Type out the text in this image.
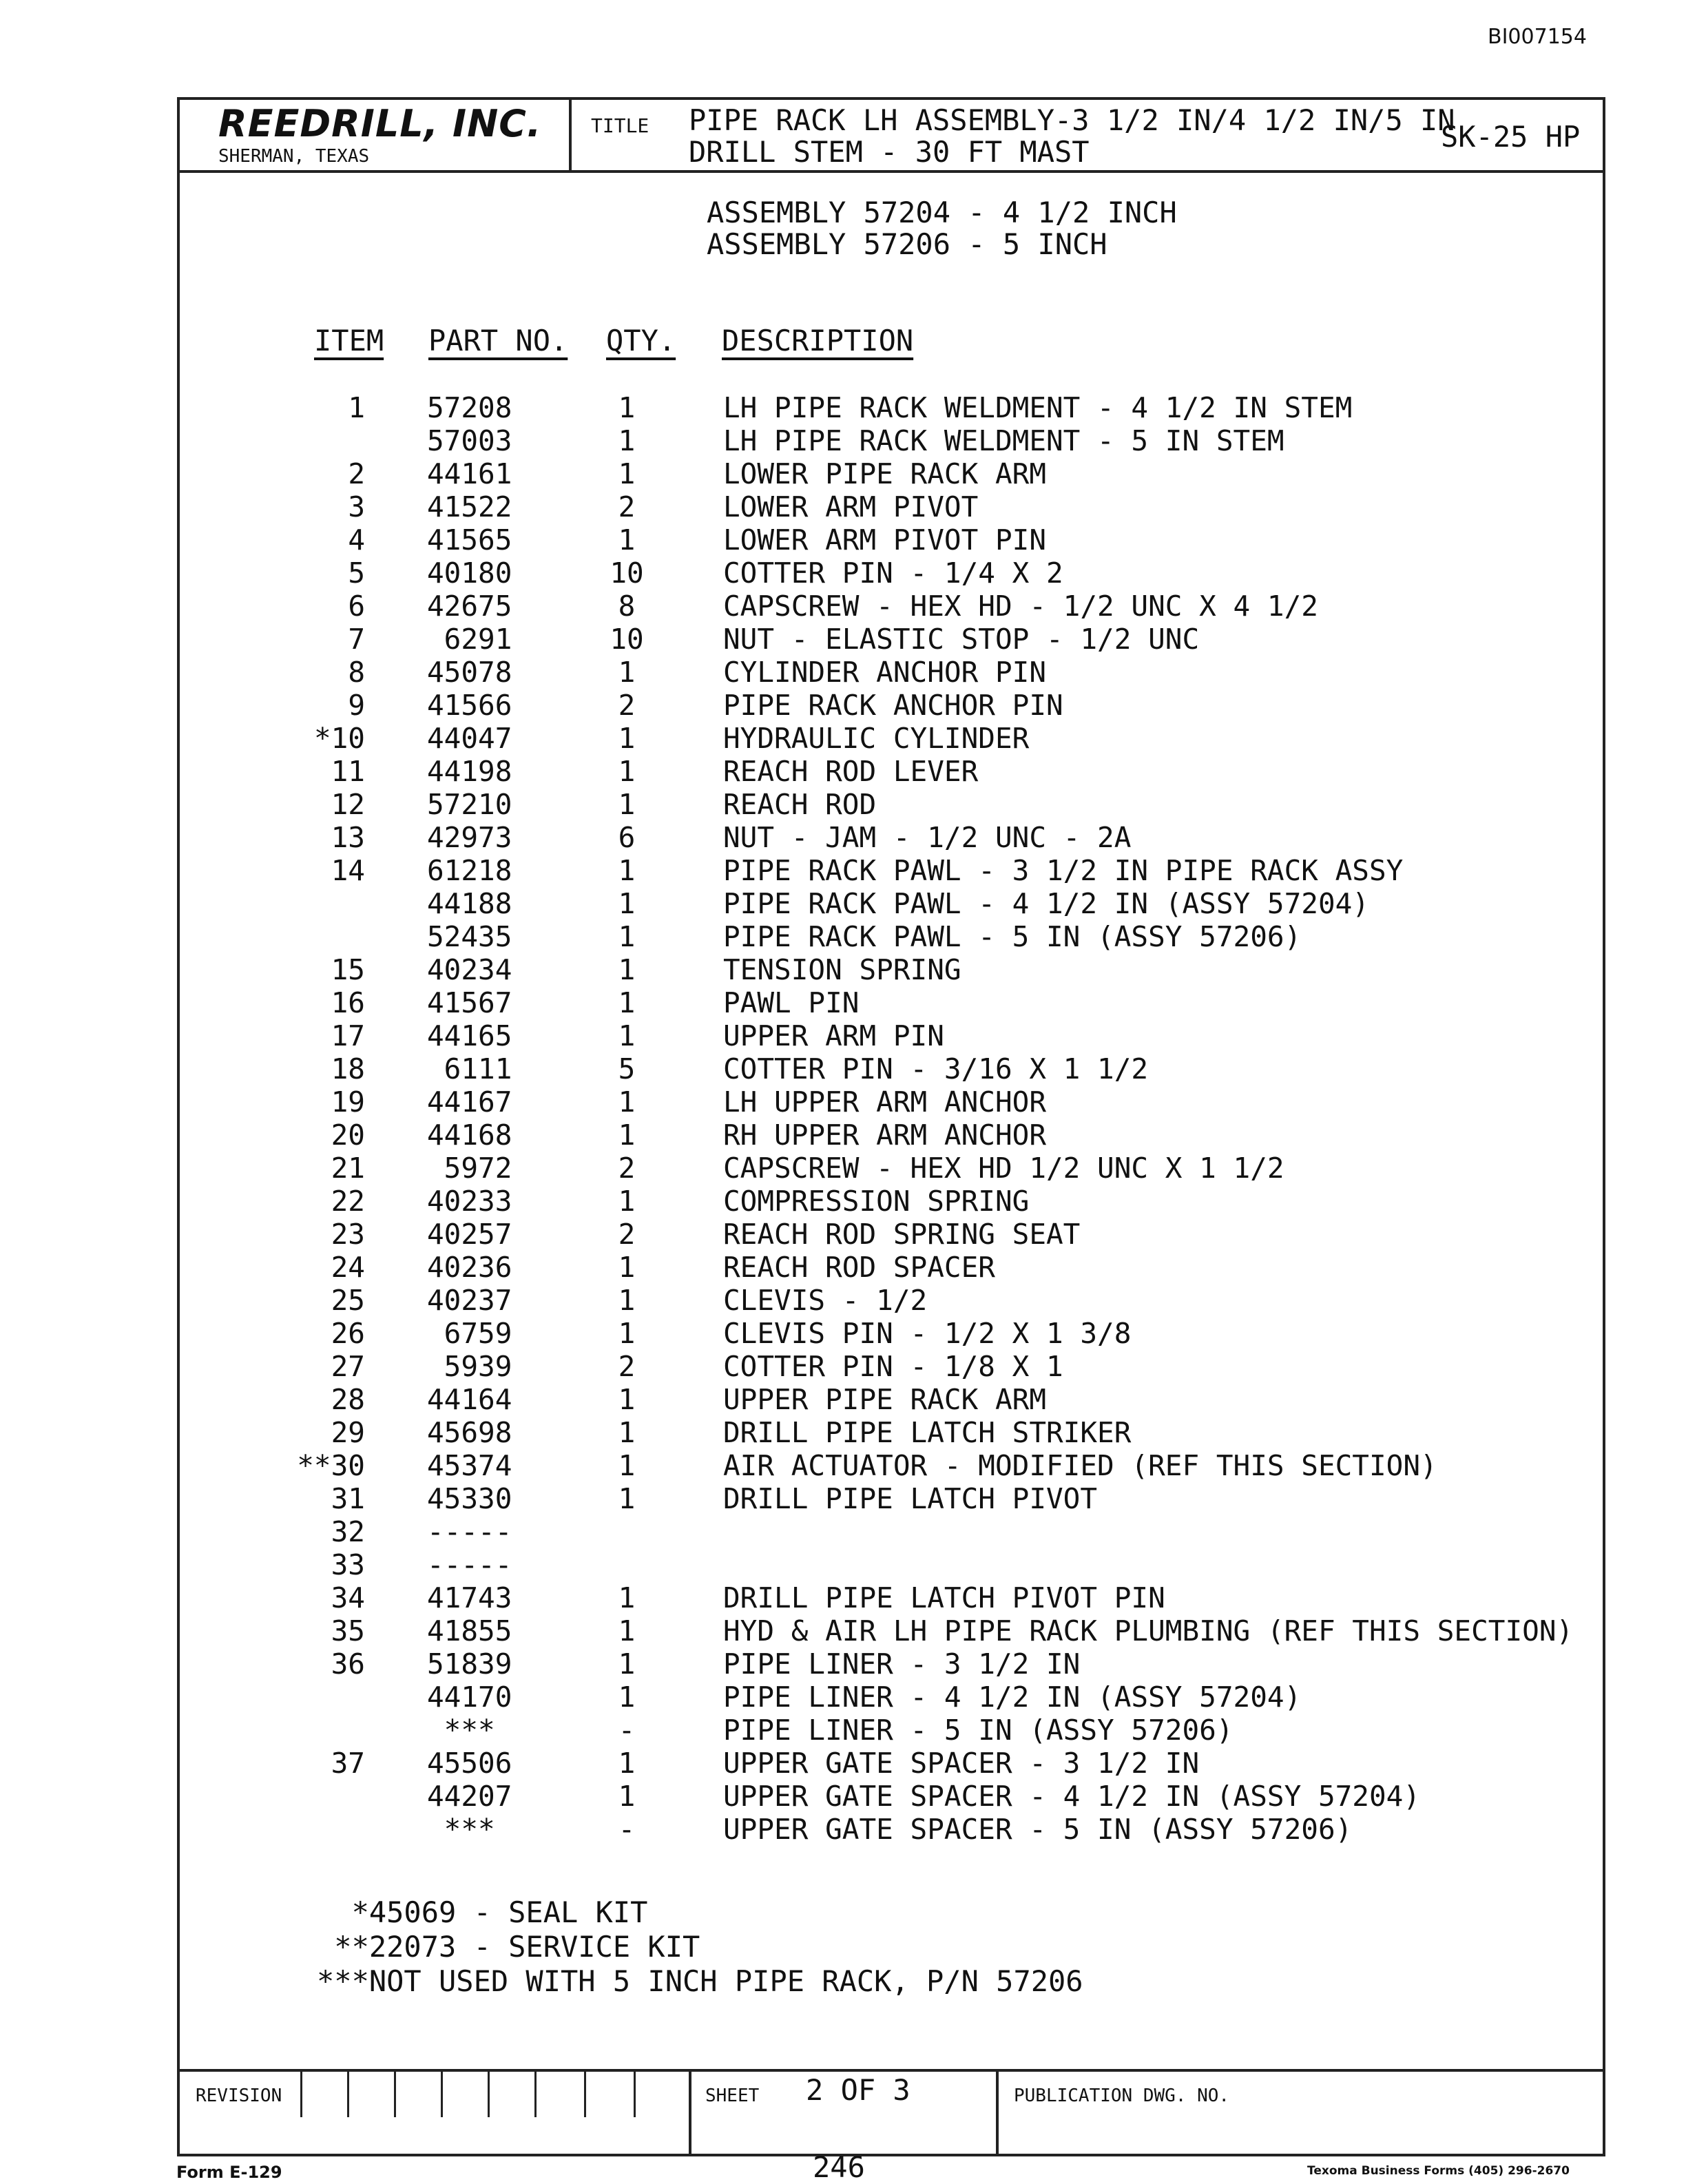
BI007154
REEDRILL, INC.
SHERMAN, TEXAS
TITLE PIPE RACK LH ASSEMBLY-3 1/2 IN/4 1/2 IN/5 IN
DRILL STEM - 30 FT MAST	SK-25 HP
ASSEMBLY 57204 - 4 1/2 INCH
ASSEMBLY 57206 - 5 INCH
ITEM PART NO. QTY. DESCRIPTION
1 57208	1	LH PIPE RACK WELDMENT - 4 1/2 IN STEM
57003	1	LH PIPE RACK WELDMENT - 5 IN STEM
2 44161	1	LOWER PIPE RACK ARM
3 41522	2	LOWER ARM PIVOT
4 41565	1	LOWER ARM PIVOT PIN
5 40180	10	COTTER PIN - 1/4 X 2
6 42675	8	CAPSCREW - HEX HD - 1/2 UNC X 4 1/2
7 6291	10	NUT - ELASTIC STOP - 1/2 UNC
8 45078	1	CYLINDER ANCHOR PIN
9 41566	2	PIPE RACK ANCHOR PIN
*10 44047	1	HYDRAULIC CYLINDER
11 44198	1	REACH ROD LEVER
12 57210	1	REACH ROD
13 42973	6	NUT - JAM - 1/2 UNC - 2A
14 61218	1	PIPE RACK PAWL - 3 1/2 IN PIPE RACK ASSY
44188	1	PIPE RACK PAWL - 4 1/2 IN (ASSY 57204)
52435	1	PIPE RACK PAWL - 5 IN (ASSY 57206)
15 40234	1	TENSION SPRING
16 41567	1	PAWL PIN
17 44165	1	UPPER ARM PIN
18 6111	5	COTTER PIN - 3/16 X 1 1/2
19 44167	1	LH UPPER ARM ANCHOR
20 44168	1	RH UPPER ARM ANCHOR
21 5972	2	CAPSCREW - HEX HD 1/2 UNC X 1 1/2
22 40233	1	COMPRESSION SPRING
23 40257	2	REACH ROD SPRING SEAT
24 40236	1	REACH ROD SPACER
25 40237	1	CLEVIS - 1/2
26 6759	1	CLEVIS PIN - 1/2 X 1 3/8
27 5939	2	COTTER PIN - 1/8 X 1
28 44164	1	UPPER PIPE RACK ARM
29 45698	1	DRILL PIPE LATCH STRIKER
**30 45374	1	AIR ACTUATOR - MODIFIED (REF THIS SECTION)
31 45330	1	DRILL PIPE LATCH PIVOT
32 -----
33 -----
34 41743	1	DRILL PIPE LATCH PIVOT PIN
35 41855	1	HYD & AIR LH PIPE RACK PLUMBING (REF THIS SECTION)
36 51839	1	PIPE LINER - 3 1/2 IN
44170	1	PIPE LINER - 4 1/2 IN (ASSY 57204)
***	-	PIPE LINER - 5 IN (ASSY 57206)
37 45506	1	UPPER GATE SPACER - 3 1/2 IN
44207	1	UPPER GATE SPACER - 4 1/2 IN (ASSY 57204)
***	-	UPPER GATE SPACER - 5 IN (ASSY 57206)
*45069 - SEAL KIT
**22073 - SERVICE KIT
***NOT USED WITH 5 INCH PIPE RACK, P/N 57206
REVISION	SHEET 2 OF 3	PUBLICATION DWG. NO.
Form E-129	246	Texoma Business Forms (405) 296-2670
